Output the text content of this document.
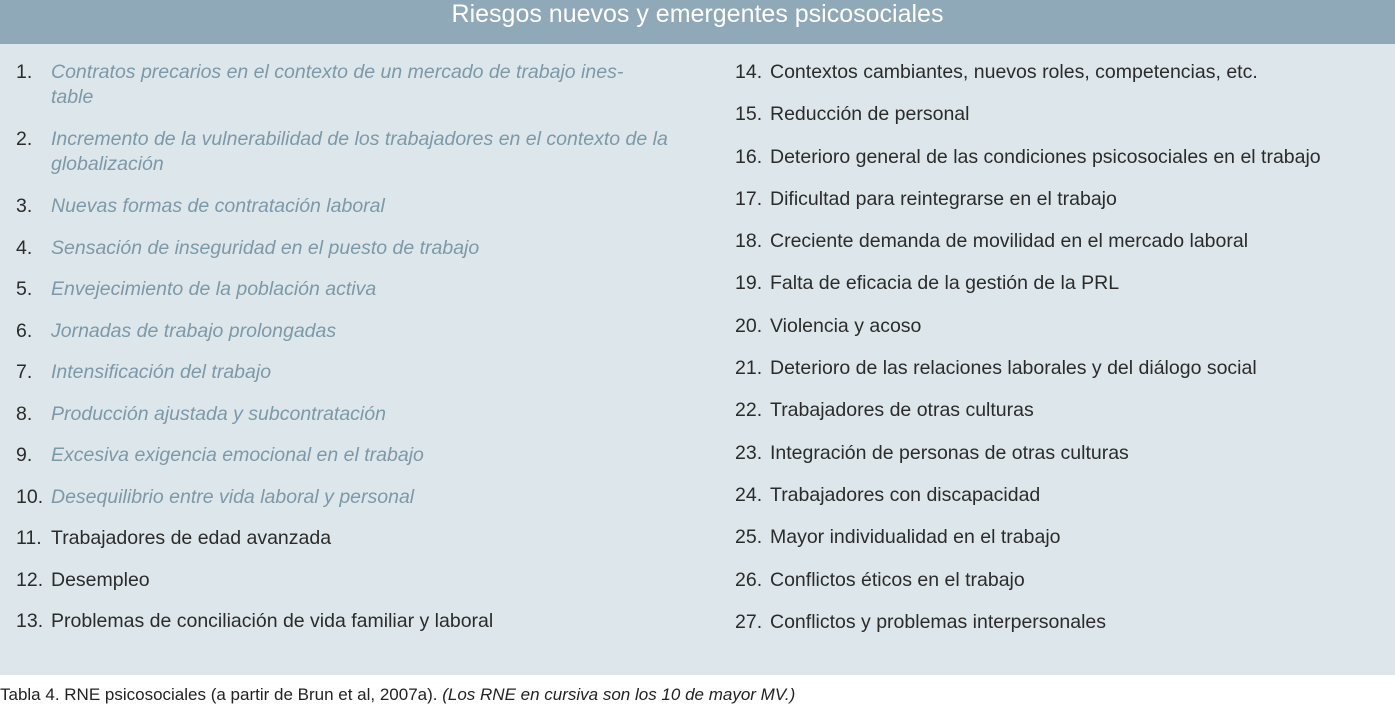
Riesgos nuevos y emergentes psicosociales
1. Contratos precarios en el contexto de un mercado de trabajo ines-
table
2. Incremento de la vulnerabilidad de los trabajadores en el contexto de la globalización
3. Nuevas formas de contratación laboral
4. Sensación de inseguridad en el puesto de trabajo
5. Envejecimiento de la población activa
6. Jornadas de trabajo prolongadas
7. Intensificación del trabajo
8. Producción ajustada y subcontratación
9. Excesiva exigencia emocional en el trabajo
10. Desequilibrio entre vida laboral y personal
11. Trabajadores de edad avanzada
12. Desempleo
13. Problemas de conciliación de vida familiar y laboral
14. Contextos cambiantes, nuevos roles, competencias, etc.
15. Reducción de personal
16. Deterioro general de las condiciones psicosociales en el trabajo
17. Dificultad para reintegrarse en el trabajo
18. Creciente demanda de movilidad en el mercado laboral
19. Falta de eficacia de la gestión de la PRL
20. Violencia y acoso
21. Deterioro de las relaciones laborales y del diálogo social
22. Trabajadores de otras culturas
23. Integración de personas de otras culturas
24. Trabajadores con discapacidad
25. Mayor individualidad en el trabajo
26. Conflictos éticos en el trabajo
27. Conflictos y problemas interpersonales
Tabla 4. RNE psicosociales (a partir de Brun et al, 2007a). (Los RNE en cursiva son los 10 de mayor MV.)
